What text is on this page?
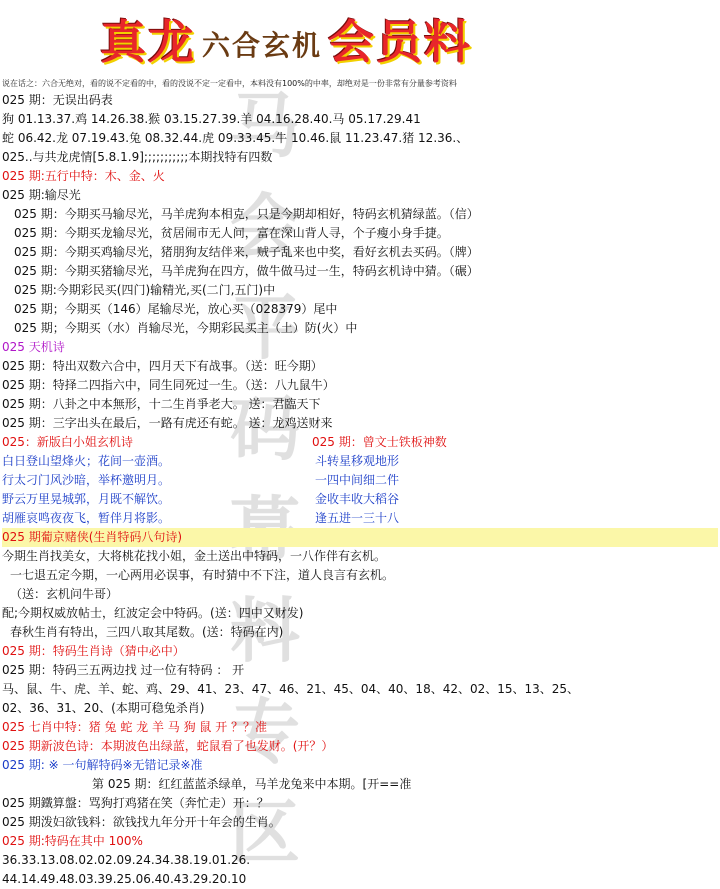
马
会
平
码
料
专
区
真龙 六合玄机 会员料
说在话之：六合无绝对，看的说不定看的中，看的没说不定一定看中，本料没有100%的中率，却绝对是一份非常有分量参考资料
025 期：无误出码表
狗 01.13.37.鸡 14.26.38.猴 03.15.27.39.羊 04.16.28.40.马 05.17.29.41
蛇 06.42.龙 07.19.43.兔 08.32.44.虎 09.33.45.牛 10.46.鼠 11.23.47.猪 12.36.、
025..与共龙虎情[5.8.1.9];;;;;;;;;;;本期找特有四数
025 期:五行中特：木、金、火
025 期:输尽光
025 期：今期买马输尽光，马羊虎狗本相克，只是今期却相好，特码玄机猜绿蓝。（信）
025 期：今期买龙输尽光，贫居闹市无人问，富在深山背人寻，个子瘦小身手捷。
025 期：今期买鸡输尽光，猪朋狗友结伴来，贼子乱来也中奖，看好玄机去买码。（牌）
025 期：今期买猪输尽光，马羊虎狗在四方，做牛做马过一生，特码玄机诗中猜。（碾）
025 期:今期彩民买(四门)输精光,买(二门,五门)中
025 期；今期买（146）尾输尽光，放心买（028379）尾中
025 期；今期买（水）肖输尽光，今期彩民买主（土）防(火）中
025 天机诗
025 期：特出双数六合中，四月天下有战事。（送：旺今期）
025 期：特择二四指六中，同生同死过一生。（送：八九鼠牛）
025 期：八卦之中本無形，十二生肖爭老大。 送：君臨天下
025 期：三字出头在最后，一路有虎还有蛇。 送：龙鸡送财来
025：新版白小姐玄机诗	025 期：曾文士铁板神数
白日登山望烽火；花间一壶酒。	斗转星移观地形
行太刁门风沙暗，举杯邀明月。	一四中间细二件
野云万里晃城郭，月既不解饮。	金收丰收大稻谷
胡雁哀鸣夜夜飞，暂伴月将影。	逢五进一三十八
025 期葡京赌侠(生肖特码八句诗)
今期生肖找美女，大将桃花找小姐，金土送出中特码，一八作伴有玄机。
一七退五定今期，一心两用必误事，有时猜中不下注，道人良言有玄机。
（送：玄机问牛哥）
配;今期权威放帖士，红波定会中特码。(送：四中又财发)
春秋生肖有特出，三四八取其尾数。(送：特码在内)
025 期：特码生肖诗（猜中必中）
025 期：特码三五两边找 过一位有特码 ： 开
马、鼠、牛、虎、羊、蛇、鸡、29、41、23、47、46、21、45、04、40、18、42、02、15、13、25、
02、36、31、20、(本期可稳兔杀肖)
025 七肖中特：猪 兔 蛇 龙 羊 马 狗 鼠 开 ？？准
025 期新波色诗：本期波色出绿蓝，蛇鼠看了也发财。(开？）
025 期: ※ 一句解特码※无错记录※准
第 025 期：红红蓝蓝杀绿单，马羊龙兔来中本期。[开==准
025 期鐵算盤：骂狗打鸡猪在笑（奔忙走）开：？
025 期泼妇欲钱料：欲钱找九年分开十年会的生肖。
025 期:特码在其中 100%
36.33.13.08.02.02.09.24.34.38.19.01.26.
44.14.49.48.03.39.25.06.40.43.29.20.10
